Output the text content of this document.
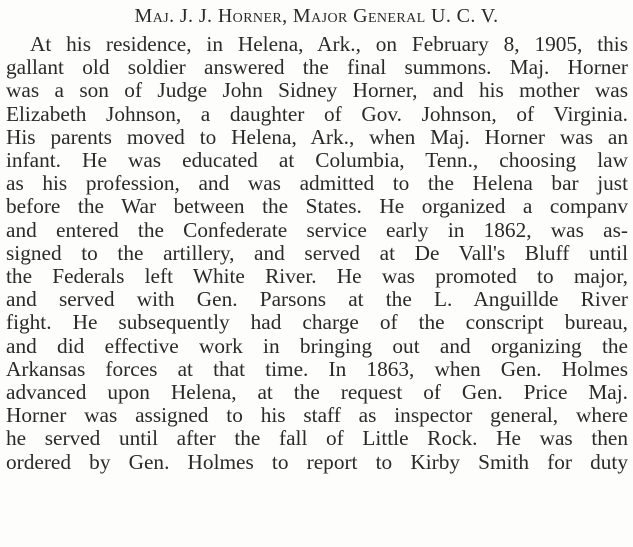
Maj. J. J. Horner, Major General U. C. V.
At his residence, in Helena, Ark., on February 8, 1905, this
gallant old soldier answered the final summons. Maj. Horner
was a son of Judge John Sidney Horner, and his mother was
Elizabeth Johnson, a daughter of Gov. Johnson, of Virginia.
His parents moved to Helena, Ark., when Maj. Horner was an
infant. He was educated at Columbia, Tenn., choosing law
as his profession, and was admitted to the Helena bar just
before the War between the States. He organized a companv
and entered the Confederate service early in 1862, was as-
signed to the artillery, and served at De Vall's Bluff until
the Federals left White River. He was promoted to major,
and served with Gen. Parsons at the L. Anguillde River
fight. He subsequently had charge of the conscript bureau,
and did effective work in bringing out and organizing the
Arkansas forces at that time. In 1863, when Gen. Holmes
advanced upon Helena, at the request of Gen. Price Maj.
Horner was assigned to his staff as inspector general, where
he served until after the fall of Little Rock. He was then
ordered by Gen. Holmes to report to Kirby Smith for duty
